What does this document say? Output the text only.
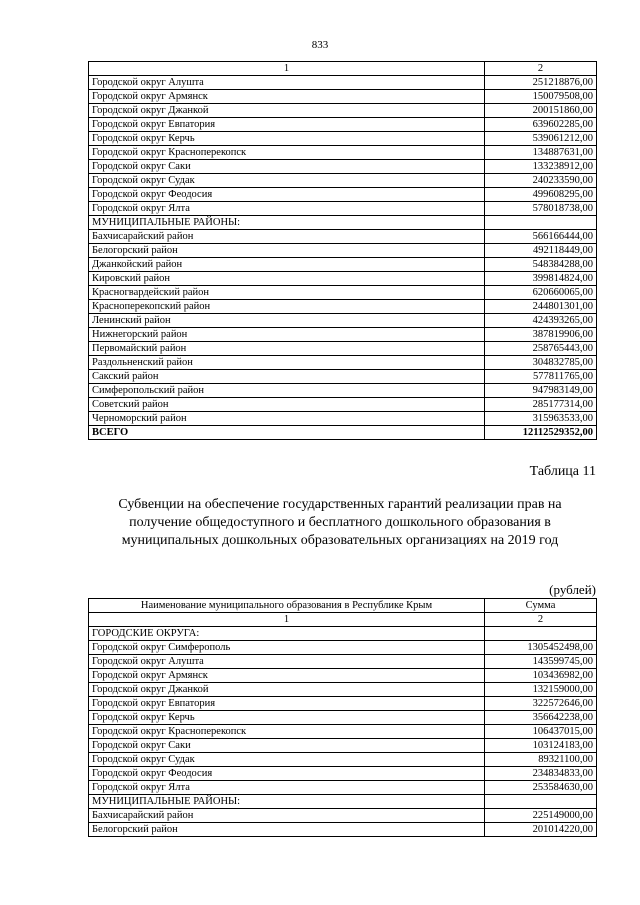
833
1	2
Городской округ Алушта	251218876,00
Городской округ Армянск	150079508,00
Городской округ Джанкой	200151860,00
Городской округ Евпатория	639602285,00
Городской округ Керчь	539061212,00
Городской округ Красноперекопск	134887631,00
Городской округ Саки	133238912,00
Городской округ Судак	240233590,00
Городской округ Феодосия	499608295,00
Городской округ Ялта	578018738,00
МУНИЦИПАЛЬНЫЕ РАЙОНЫ:	
Бахчисарайский район	566166444,00
Белогорский район	492118449,00
Джанкойский район	548384288,00
Кировский район	399814824,00
Красногвардейский район	620660065,00
Красноперекопский район	244801301,00
Ленинский район	424393265,00
Нижнегорский район	387819906,00
Первомайский район	258765443,00
Раздольненский район	304832785,00
Сакский район	577811765,00
Симферопольский район	947983149,00
Советский район	285177314,00
Черноморский район	315963533,00
ВСЕГО	12112529352,00
Таблица 11
Субвенции на обеспечение государственных гарантий реализации прав на получение общедоступного и бесплатного дошкольного образования в муниципальных дошкольных образовательных организациях на 2019 год
(рублей)
Наименование муниципального образования в Республике Крым	Сумма
1	2
ГОРОДСКИЕ ОКРУГА:	
Городской округ Симферополь	1305452498,00
Городской округ Алушта	143599745,00
Городской округ Армянск	103436982,00
Городской округ Джанкой	132159000,00
Городской округ Евпатория	322572646,00
Городской округ Керчь	356642238,00
Городской округ Красноперекопск	106437015,00
Городской округ Саки	103124183,00
Городской округ Судак	89321100,00
Городской округ Феодосия	234834833,00
Городской округ Ялта	253584630,00
МУНИЦИПАЛЬНЫЕ РАЙОНЫ:	
Бахчисарайский район	225149000,00
Белогорский район	201014220,00
